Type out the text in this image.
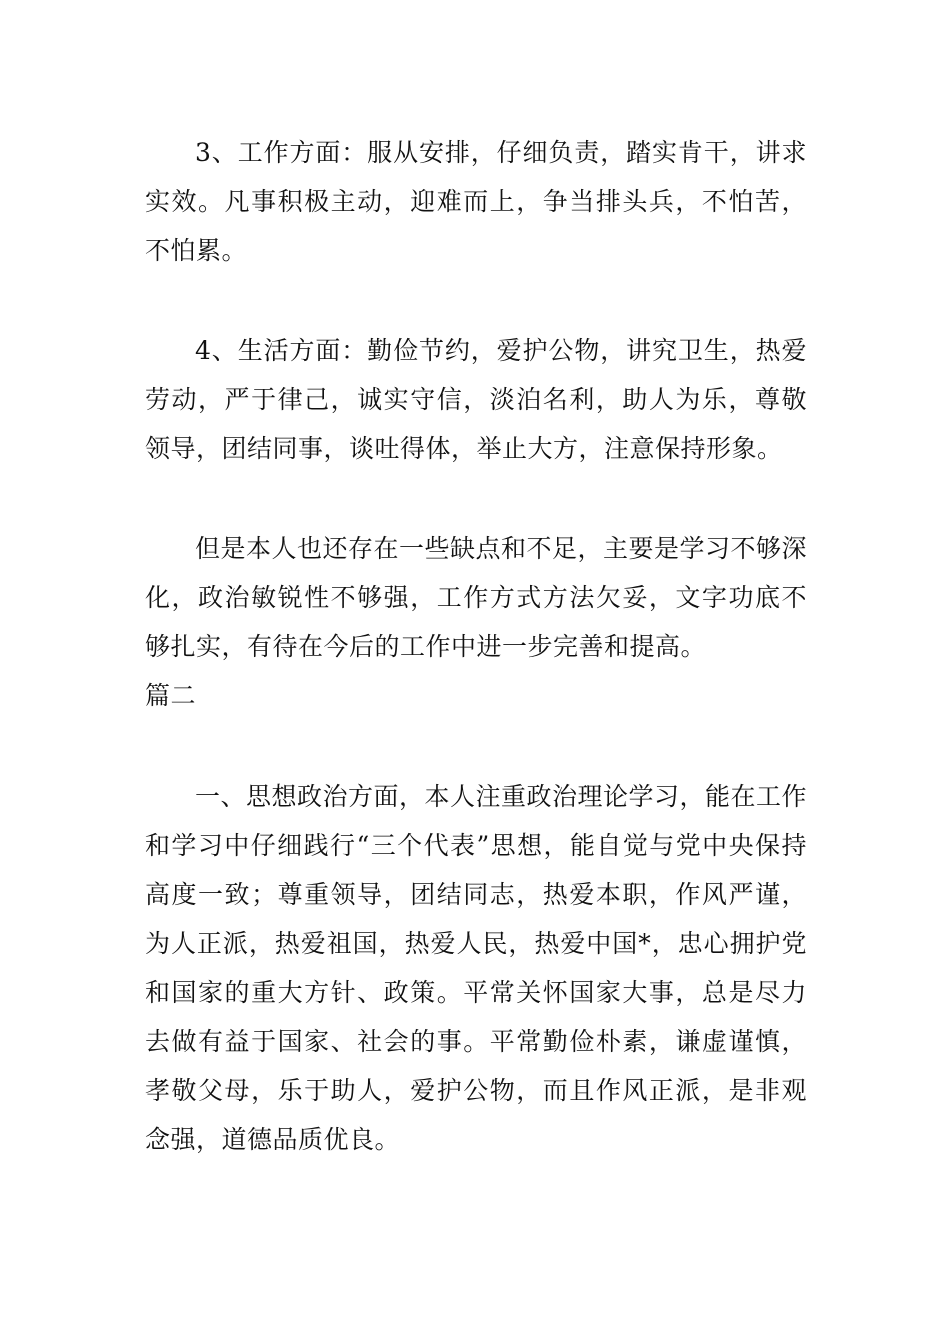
3、工作方面：服从安排，仔细负责，踏实肯干，讲求实效。凡事积极主动，迎难而上，争当排头兵，不怕苦，不怕累。

4、生活方面：勤俭节约，爱护公物，讲究卫生，热爱劳动，严于律己，诚实守信，淡泊名利，助人为乐，尊敬领导，团结同事，谈吐得体，举止大方，注意保持形象。

但是本人也还存在一些缺点和不足，主要是学习不够深化，政治敏锐性不够强，工作方式方法欠妥，文字功底不够扎实，有待在今后的工作中进一步完善和提高。

篇二

一、思想政治方面，本人注重政治理论学习，能在工作和学习中仔细践行“三个代表”思想，能自觉与党中央保持高度一致；尊重领导，团结同志，热爱本职，作风严谨，为人正派，热爱祖国，热爱人民，热爱中国*，忠心拥护党和国家的重大方针、政策。平常关怀国家大事，总是尽力去做有益于国家、社会的事。平常勤俭朴素，谦虚谨慎，孝敬父母，乐于助人，爱护公物，而且作风正派，是非观念强，道德品质优良。
